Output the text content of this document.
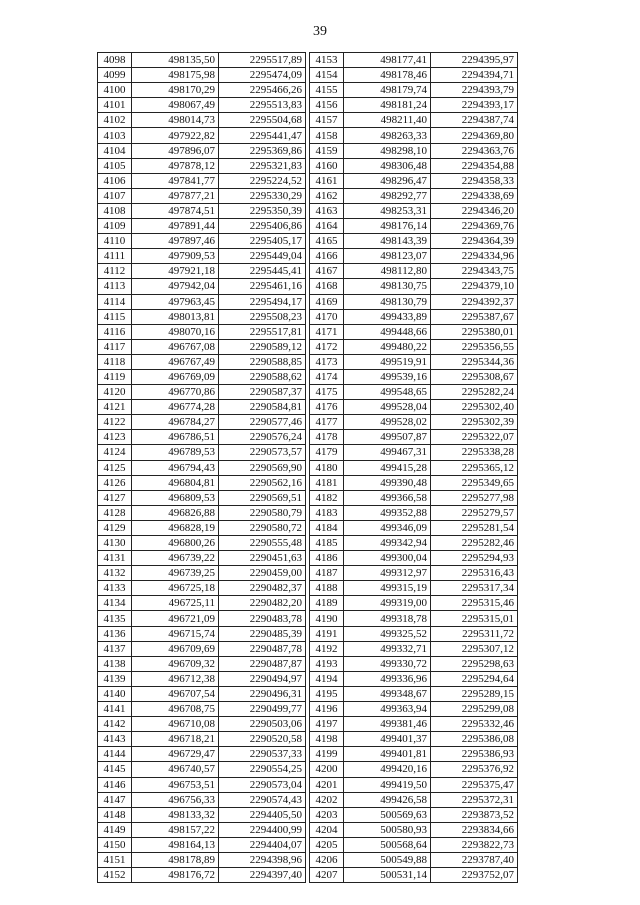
39
4098	498135,50	2295517,89
4099	498175,98	2295474,09
4100	498170,29	2295466,26
4101	498067,49	2295513,83
4102	498014,73	2295504,68
4103	497922,82	2295441,47
4104	497896,07	2295369,86
4105	497878,12	2295321,83
4106	497841,77	2295224,52
4107	497877,21	2295330,29
4108	497874,51	2295350,39
4109	497891,44	2295406,86
4110	497897,46	2295405,17
4111	497909,53	2295449,04
4112	497921,18	2295445,41
4113	497942,04	2295461,16
4114	497963,45	2295494,17
4115	498013,81	2295508,23
4116	498070,16	2295517,81
4117	496767,08	2290589,12
4118	496767,49	2290588,85
4119	496769,09	2290588,62
4120	496770,86	2290587,37
4121	496774,28	2290584,81
4122	496784,27	2290577,46
4123	496786,51	2290576,24
4124	496789,53	2290573,57
4125	496794,43	2290569,90
4126	496804,81	2290562,16
4127	496809,53	2290569,51
4128	496826,88	2290580,79
4129	496828,19	2290580,72
4130	496800,26	2290555,48
4131	496739,22	2290451,63
4132	496739,25	2290459,00
4133	496725,18	2290482,37
4134	496725,11	2290482,20
4135	496721,09	2290483,78
4136	496715,74	2290485,39
4137	496709,69	2290487,78
4138	496709,32	2290487,87
4139	496712,38	2290494,97
4140	496707,54	2290496,31
4141	496708,75	2290499,77
4142	496710,08	2290503,06
4143	496718,21	2290520,58
4144	496729,47	2290537,33
4145	496740,57	2290554,25
4146	496753,51	2290573,04
4147	496756,33	2290574,43
4148	498133,32	2294405,50
4149	498157,22	2294400,99
4150	498164,13	2294404,07
4151	498178,89	2294398,96
4152	498176,72	2294397,40
4153	498177,41	2294395,97
4154	498178,46	2294394,71
4155	498179,74	2294393,79
4156	498181,24	2294393,17
4157	498211,40	2294387,74
4158	498263,33	2294369,80
4159	498298,10	2294363,76
4160	498306,48	2294354,88
4161	498296,47	2294358,33
4162	498292,77	2294338,69
4163	498253,31	2294346,20
4164	498176,14	2294369,76
4165	498143,39	2294364,39
4166	498123,07	2294334,96
4167	498112,80	2294343,75
4168	498130,75	2294379,10
4169	498130,79	2294392,37
4170	499433,89	2295387,67
4171	499448,66	2295380,01
4172	499480,22	2295356,55
4173	499519,91	2295344,36
4174	499539,16	2295308,67
4175	499548,65	2295282,24
4176	499528,04	2295302,40
4177	499528,02	2295302,39
4178	499507,87	2295322,07
4179	499467,31	2295338,28
4180	499415,28	2295365,12
4181	499390,48	2295349,65
4182	499366,58	2295277,98
4183	499352,88	2295279,57
4184	499346,09	2295281,54
4185	499342,94	2295282,46
4186	499300,04	2295294,93
4187	499312,97	2295316,43
4188	499315,19	2295317,34
4189	499319,00	2295315,46
4190	499318,78	2295315,01
4191	499325,52	2295311,72
4192	499332,71	2295307,12
4193	499330,72	2295298,63
4194	499336,96	2295294,64
4195	499348,67	2295289,15
4196	499363,94	2295299,08
4197	499381,46	2295332,46
4198	499401,37	2295386,08
4199	499401,81	2295386,93
4200	499420,16	2295376,92
4201	499419,50	2295375,47
4202	499426,58	2295372,31
4203	500569,63	2293873,52
4204	500580,93	2293834,66
4205	500568,64	2293822,73
4206	500549,88	2293787,40
4207	500531,14	2293752,07
